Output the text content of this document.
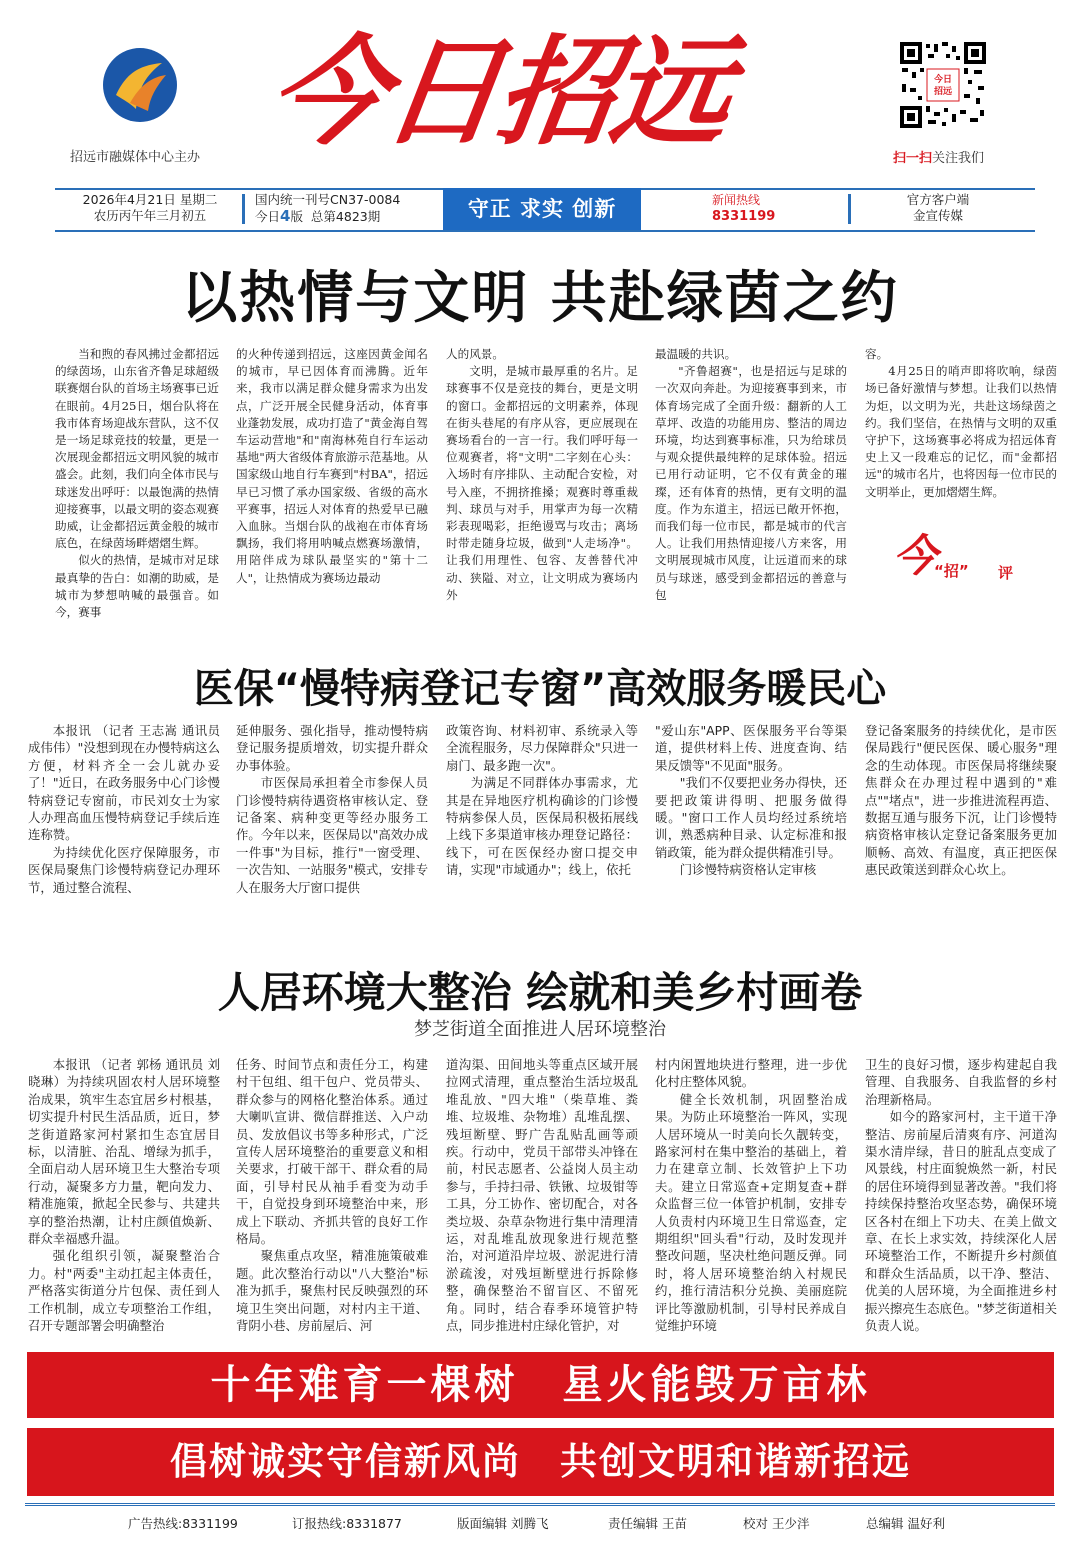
招远市融媒体中心主办 今日招远	今日
招远
扫一扫关注我们
2026年4月21日 星期二
农历丙午年三月初五
国内统一刊号CN37-0084
今日4版 总第4823期	守正 求实 创新	新闻热线
8331199
官方客户端
金宣传媒
以热情与文明 共赴绿茵之约

当和煦的春风拂过金都招远的绿茵场，山东省齐鲁足球超级联赛烟台队的首场主场赛事已近在眼前。4月25日，烟台队将在我市体育场迎战东营队，这不仅是一场足球竞技的较量，更是一次展现金都招远文明风貌的城市盛会。此刻，我们向全体市民与球迷发出呼吁：以最饱满的热情迎接赛事，以最文明的姿态观赛助威，让金都招远黄金般的城市底色，在绿茵场畔熠熠生辉。

似火的热情，是城市对足球最真挚的告白：如潮的助威，是城市为梦想呐喊的最强音。如今，赛事

的火种传递到招远，这座因黄金闻名的城市，早已因体育而沸腾。近年来，我市以满足群众健身需求为出发点，广泛开展全民健身活动，体育事业蓬勃发展，成功打造了"黄金海自驾车运动营地"和"南海林苑自行车运动基地"两大省级体育旅游示范基地。从国家级山地自行车赛到"村BA"，招远早已习惯了承办国家级、省级的高水平赛事，招远人对体育的热爱早已融入血脉。当烟台队的战袍在市体育场飘扬，我们将用呐喊点燃赛场激情，用陪伴成为球队最坚实的"第十二人"，让热情成为赛场边最动

人的风景。

文明，是城市最厚重的名片。足球赛事不仅是竞技的舞台，更是文明的窗口。金都招远的文明素养，体现在街头巷尾的有序从容，更应展现在赛场看台的一言一行。我们呼吁每一位观赛者，将"文明"二字刻在心头：入场时有序排队、主动配合安检，对号入座，不拥挤推搡；观赛时尊重裁判、球员与对手，用掌声为每一次精彩表现喝彩，拒绝谩骂与攻击；离场时带走随身垃圾，做到"人走场净"。让我们用理性、包容、友善替代冲动、狭隘、对立，让文明成为赛场内外

最温暖的共识。

"齐鲁超赛"，也是招远与足球的一次双向奔赴。为迎接赛事到来，市体育场完成了全面升级：翻新的人工草坪、改造的功能用房、整洁的周边环境，均达到赛事标准，只为给球员与观众提供最纯粹的足球体验。招远已用行动证明，它不仅有黄金的璀璨，还有体育的热情，更有文明的温度。作为东道主，招远已敞开怀抱，而我们每一位市民，都是城市的代言人。让我们用热情迎接八方来客，用文明展现城市风度，让远道而来的球员与球迷，感受到金都招远的善意与包

容。

4月25日的哨声即将吹响，绿茵场已备好激情与梦想。让我们以热情为炬，以文明为光，共赴这场绿茵之约。我们坚信，在热情与文明的双重守护下，这场赛事必将成为招远体育史上又一段难忘的记忆，而"金都招远"的城市名片，也将因每一位市民的文明举止，更加熠熠生辉。

今
“招” 评
医保“慢特病登记专窗”高效服务暖民心

本报讯 （记者 王志嵩 通讯员 成伟伟）"没想到现在办慢特病这么方便，材料齐全一会儿就办妥了！"近日，在政务服务中心门诊慢特病登记专窗前，市民刘女士为家人办理高血压慢特病登记手续后连连称赞。

为持续优化医疗保障服务，市医保局聚焦门诊慢特病登记办理环节，通过整合流程、

延伸服务、强化指导，推动慢特病登记服务提质增效，切实提升群众办事体验。

市医保局承担着全市参保人员门诊慢特病待遇资格审核认定、登记备案、病种变更等经办服务工作。今年以来，医保局以"高效办成一件事"为目标，推行"一窗受理、一次告知、一站服务"模式，安排专人在服务大厅窗口提供

政策咨询、材料初审、系统录入等全流程服务，尽力保障群众"只进一扇门、最多跑一次"。

为满足不同群体办事需求，尤其是在异地医疗机构确诊的门诊慢特病参保人员，医保局积极拓展线上线下多渠道审核办理登记路径：线下，可在医保经办窗口提交申请，实现"市域通办"；线上，依托

"爱山东"APP、医保服务平台等渠道，提供材料上传、进度查询、结果反馈等"不见面"服务。

"我们不仅要把业务办得快，还要把政策讲得明、把服务做得暖。"窗口工作人员均经过系统培训，熟悉病种目录、认定标准和报销政策，能为群众提供精准引导。

门诊慢特病资格认定审核

登记备案服务的持续优化，是市医保局践行"便民医保、暖心服务"理念的生动体现。市医保局将继续聚焦群众在办理过程中遇到的"难点""堵点"，进一步推进流程再造、数据互通与服务下沉，让门诊慢特病资格审核认定登记备案服务更加顺畅、高效、有温度，真正把医保惠民政策送到群众心坎上。

人居环境大整治 绘就和美乡村画卷
梦芝街道全面推进人居环境整治

本报讯 （记者 郭杨 通讯员 刘晓琳）为持续巩固农村人居环境整治成果，筑牢生态宜居乡村根基，切实提升村民生活品质，近日，梦芝街道路家河村紧扣生态宜居目标，以清脏、治乱、增绿为抓手，全面启动人居环境卫生大整治专项行动，凝聚多方力量，靶向发力、精准施策，掀起全民参与、共建共享的整治热潮，让村庄颜值焕新、群众幸福感升温。

强化组织引领，凝聚整治合力。村"两委"主动扛起主体责任，严格落实街道分片包保、责任到人工作机制，成立专项整治工作组，召开专题部署会明确整治

任务、时间节点和责任分工，构建村干包组、组干包户、党员带头、群众参与的网格化整治体系。通过大喇叭宣讲、微信群推送、入户动员、发放倡议书等多种形式，广泛宣传人居环境整治的重要意义和相关要求，打破干部干、群众看的局面，引导村民从袖手看变为动手干，自觉投身到环境整治中来，形成上下联动、齐抓共管的良好工作格局。

聚焦重点攻坚，精准施策破难题。此次整治行动以"八大整治"标准为抓手，聚焦村民反映强烈的环境卫生突出问题，对村内主干道、背阴小巷、房前屋后、河

道沟渠、田间地头等重点区域开展拉网式清理，重点整治生活垃圾乱堆乱放、"四大堆"（柴草堆、粪堆、垃圾堆、杂物堆）乱堆乱摆、残垣断壁、野广告乱贴乱画等顽疾。行动中，党员干部带头冲锋在前，村民志愿者、公益岗人员主动参与，手持扫帚、铁锹、垃圾钳等工具，分工协作、密切配合，对各类垃圾、杂草杂物进行集中清理清运，对乱堆乱放现象进行规范整治，对河道沿岸垃圾、淤泥进行清淤疏浚，对残垣断壁进行拆除修整，确保整治不留盲区、不留死角。同时，结合春季环境管护特点，同步推进村庄绿化管护，对

村内闲置地块进行整理，进一步优化村庄整体风貌。

健全长效机制，巩固整治成果。为防止环境整治一阵风，实现人居环境从一时美向长久靓转变，路家河村在集中整治的基础上，着力在建章立制、长效管护上下功夫。建立日常巡查+定期复查+群众监督三位一体管护机制，安排专人负责村内环境卫生日常巡查，定期组织"回头看"行动，及时发现并整改问题，坚决杜绝问题反弹。同时，将人居环境整治纳入村规民约，推行清洁积分兑换、美丽庭院评比等激励机制，引导村民养成自觉维护环境

卫生的良好习惯，逐步构建起自我管理、自我服务、自我监督的乡村治理新格局。

如今的路家河村，主干道干净整洁、房前屋后清爽有序、河道沟渠水清岸绿，昔日的脏乱点变成了风景线，村庄面貌焕然一新，村民的居住环境得到显著改善。"我们将持续保持整治攻坚态势，确保环境区各村在细上下功夫、在美上做文章、在长上求实效，持续深化人居环境整治工作，不断提升乡村颜值和群众生活品质，以干净、整洁、优美的人居环境，为全面推进乡村振兴擦亮生态底色。"梦芝街道相关负责人说。

十年难育一棵树　星火能毁万亩林
倡树诚实守信新风尚　共创文明和谐新招远
广告热线:8331199	订报热线:8331877	版面编辑 刘腾飞	责任编辑 王苗	校对 王少泮	总编辑 温好利
